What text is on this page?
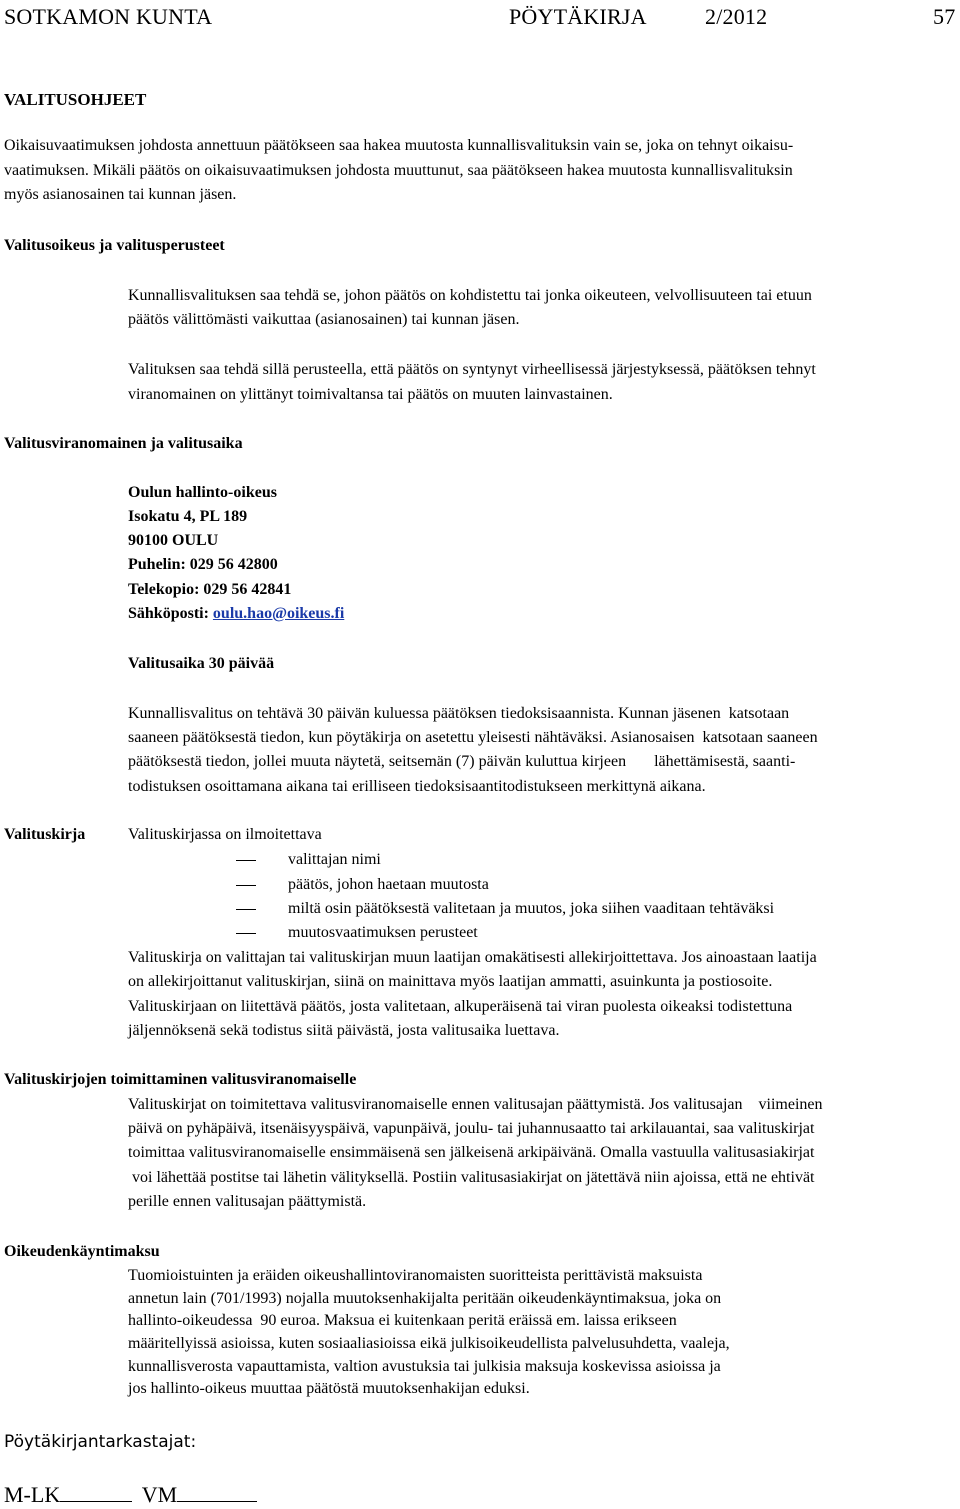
SOTKAMON KUNTA	PÖYTÄKIRJA	2/2012	57
VALITUSOHJEET
Oikaisuvaatimuksen johdosta annettuun päätökseen saa hakea muutosta kunnallisvalituksin vain se, joka on tehnyt oikaisu-
vaatimuksen. Mikäli päätös on oikaisuvaatimuksen johdosta muuttunut, saa päätökseen hakea muutosta kunnallisvalituksin
myös asianosainen tai kunnan jäsen.
Valitusoikeus ja valitusperusteet
Kunnallisvalituksen saa tehdä se, johon päätös on kohdistettu tai jonka oikeuteen, velvollisuuteen tai etuun
päätös välittömästi vaikuttaa (asianosainen) tai kunnan jäsen.
Valituksen saa tehdä sillä perusteella, että päätös on syntynyt virheellisessä järjestyksessä, päätöksen tehnyt
viranomainen on ylittänyt toimivaltansa tai päätös on muuten lainvastainen.
Valitusviranomainen ja valitusaika
Oulun hallinto-oikeus
Isokatu 4, PL 189
90100 OULU
Puhelin: 029 56 42800
Telekopio: 029 56 42841
Sähköposti: oulu.hao@oikeus.fi
Valitusaika 30 päivää
Kunnallisvalitus on tehtävä 30 päivän kuluessa päätöksen tiedoksisaannista. Kunnan jäsenen  katsotaan
saaneen päätöksestä tiedon, kun pöytäkirja on asetettu yleisesti nähtäväksi. Asianosaisen  katsotaan saaneen
päätöksestä tiedon, jollei muuta näytetä, seitsemän (7) päivän kuluttua kirjeen       lähettämisestä, saanti-
todistuksen osoittamana aikana tai erilliseen tiedoksisaantitodistukseen merkittynä aikana.
Valituskirja	Valituskirjassa on ilmoitettava
valittajan nimi
päätös, johon haetaan muutosta
miltä osin päätöksestä valitetaan ja muutos, joka siihen vaaditaan tehtäväksi
muutosvaatimuksen perusteet
Valituskirja on valittajan tai valituskirjan muun laatijan omakätisesti allekirjoittettava. Jos ainoastaan laatija
on allekirjoittanut valituskirjan, siinä on mainittava myös laatijan ammatti, asuinkunta ja postiosoite.
Valituskirjaan on liitettävä päätös, josta valitetaan, alkuperäisenä tai viran puolesta oikeaksi todistettuna
jäljennöksenä sekä todistus siitä päivästä, josta valitusaika luettava.
Valituskirjojen toimittaminen valitusviranomaiselle
Valituskirjat on toimitettava valitusviranomaiselle ennen valitusajan päättymistä. Jos valitusajan    viimeinen
päivä on pyhäpäivä, itsenäisyyspäivä, vapunpäivä, joulu- tai juhannusaatto tai arkilauantai, saa valituskirjat
toimittaa valitusviranomaiselle ensimmäisenä sen jälkeisenä arkipäivänä. Omalla vastuulla valitusasiakirjat
voi lähettää postitse tai lähetin välityksellä. Postiin valitusasiakirjat on jätettävä niin ajoissa, että ne ehtivät
perille ennen valitusajan päättymistä.
Oikeudenkäyntimaksu
Tuomioistuinten ja eräiden oikeushallintoviranomaisten suoritteista perittävistä maksuista
annetun lain (701/1993) nojalla muutoksenhakijalta peritään oikeudenkäyntimaksua, joka on
hallinto-oikeudessa  90 euroa. Maksua ei kuitenkaan peritä eräissä em. laissa erikseen
määritellyissä asioissa, kuten sosiaaliasioissa eikä julkisoikeudellista palvelusuhdetta, vaaleja,
kunnallisverosta vapauttamista, valtion avustuksia tai julkisia maksuja koskevissa asioissa ja
jos hallinto-oikeus muuttaa päätöstä muutoksenhakijan eduksi.
Pöytäkirjantarkastajat:
M-LK	VM
